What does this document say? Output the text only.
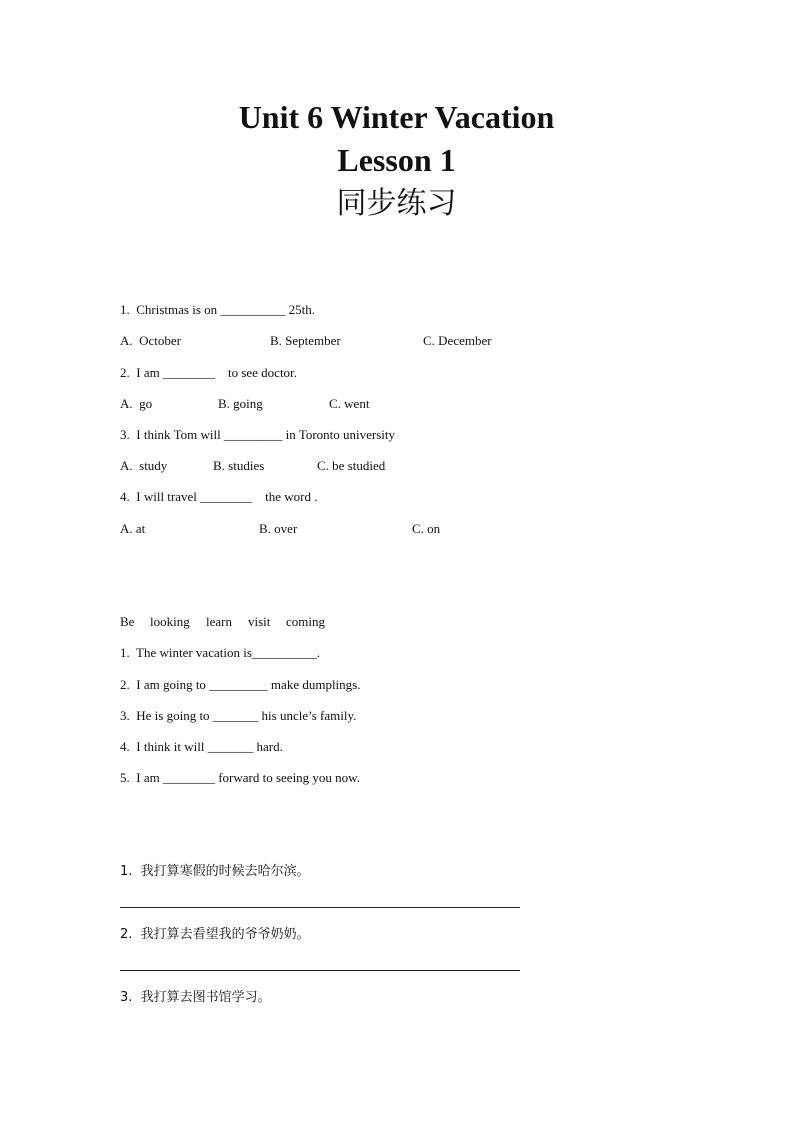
Unit 6 Winter Vacation

Lesson 1

同步练习

1.  Christmas is on __________ 25th.
A.  October	B. September	C. December
2.  I am ________    to see doctor.
A.  go	B. going	C. went
3.  I think Tom will _________ in Toronto university
A.  study	B. studies	C. be studied
4.  I will travel ________    the word .
A. at	B. over	C. on
Be looking learn visit coming
1.  The winter vacation is__________.
2.  I am going to _________ make dumplings.
3.  He is going to _______ his uncle’s family.
4.  I think it will _______ hard.
5.  I am ________ forward to seeing you now.
1.  我打算寒假的时候去哈尔滨。
2.  我打算去看望我的爷爷奶奶。
3.  我打算去图书馆学习。
